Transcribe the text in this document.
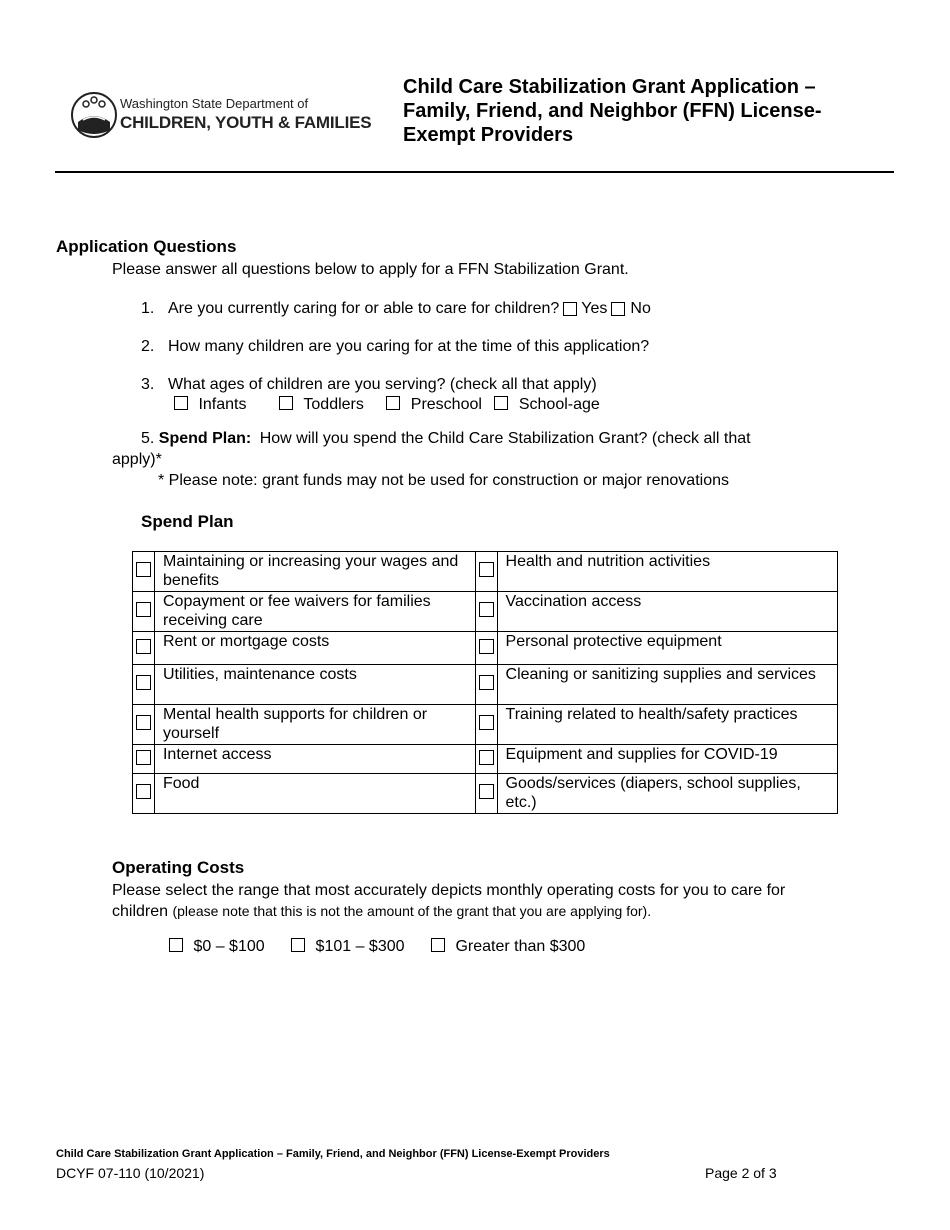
Washington State Department of
CHILDREN, YOUTH & FAMILIES
Child Care Stabilization Grant Application –
Family, Friend, and Neighbor (FFN) License-
Exempt Providers
Application Questions
Please answer all questions below to apply for a FFN Stabilization Grant.
1. Are you currently caring for or able to care for children? Yes No
2. How many children are you caring for at the time of this application?
3. What ages of children are you serving? (check all that apply)
Infants	Toddlers	Preschool School-age
5. Spend Plan: How will you spend the Child Care Stabilization Grant? (check all that
apply)*
* Please note: grant funds may not be used for construction or major renovations
Spend Plan
	Maintaining or increasing your wages and benefits		Health and nutrition activities
	Copayment or fee waivers for families receiving care		Vaccination access
	Rent or mortgage costs		Personal protective equipment
	Utilities, maintenance costs		Cleaning or sanitizing supplies and services
	Mental health supports for children or yourself		Training related to health/safety practices
	Internet access		Equipment and supplies for COVID-19
	Food		Goods/services (diapers, school supplies, etc.)
Operating Costs
Please select the range that most accurately depicts monthly operating costs for you to care for
children (please note that this is not the amount of the grant that you are applying for).
$0 – $100	$101 – $300	Greater than $300
Child Care Stabilization Grant Application – Family, Friend, and Neighbor (FFN) License-Exempt Providers
DCYF 07-110 (10/2021)	Page 2 of 3
